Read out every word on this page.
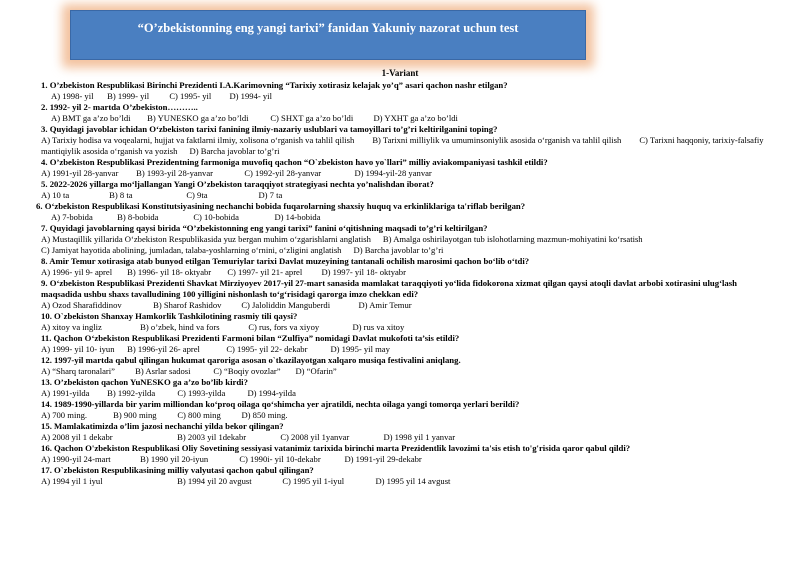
“O’zbekistonning eng yangi tarixi” fanidan Yakuniy nazorat uchun test
1-Variant
1. O’zbekiston Respublikasi Birinchi Prezidenti I.A.Karimovning “Tarixiy xotirasiz kelajak yo’q” asari qachon nashr etilgan?
A) 1998- yil B) 1999- yil C) 1995- yil D) 1994- yil
2. 1992- yil 2- martda O’zbekiston………..
A) BMT ga a’zo bo’ldi B) YUNESKO ga a’zo bo’ldi	C) SHXT ga a’zo bo’ldi D) YXHT ga a’zo bo’ldi
3. Quyidagi javoblar ichidan O‘zbekiston tarixi fanining ilmiy-nazariy uslublari va tamoyillari to’g’ri keltirilganini toping?
A) Tarixiy hodisa va voqealarni, hujjat va faktlarni ilmiy, xolisona o‘rganish va tahlil qilish B) Tarixni milliylik va umuminsoniylik asosida o‘rganish va tahlil qilish C) Tarixni haqqoniy, tarixiy-falsafiy mantiqiylik asosida o‘rganish va yozish D) Barcha javoblar to’g’ri
4. O’zbekiston Respublikasi Prezidentning farmoniga muvofiq qachon “O`zbekiston havo yo`llari” milliy aviakompaniyasi tashkil etildi?
A) 1991-yil 28-yanvar B) 1993-yil 28-yanvar	C) 1992-yil 28-yanvar	D) 1994-yil-28 yanvar
5. 2022-2026 yillarga mo‘ljallangan Yangi O’zbekiston taraqqiyot strategiyasi nechta yo’nalishdan iborat?
A) 10 ta	B) 8 ta	C) 9ta	D) 7 ta
6. O‘zbekiston Respublikasi Konstitutsiyasining nechanchi bobida fuqarolarning shaxsiy huquq va erkinliklariga ta'riflab berilgan?
A) 7-bobida	B) 8-bobida	C) 10-bobida	D) 14-bobida
7. Quyidagi javoblarning qaysi birida “O’zbekistonning eng yangi tarixi” fanini o‘qitishning maqsadi to’g’ri keltirilgan?
A) Mustaqillik yillarida O‘zbekiston Respublikasida yuz bergan muhim o‘zgarishlarni anglatish B) Amalga oshirilayotgan tub islohotlarning mazmun-mohiyatini ko‘rsatish
C) Jamiyat hayotida abolining, jumladan, talaba-yoshlarning o‘rnini, o‘zligini anglatish D) Barcha javoblar to’g’ri
8. Amir Temur xotirasiga atab bunyod etilgan Temuriylar tarixi Davlat muzeyining tantanali ochilish marosimi qachon bo‘lib o‘tdi?
A) 1996- yil 9- aprel B) 1996- yil 18- oktyabr C) 1997- yil 21- aprel D) 1997- yil 18- oktyabr
9. O‘zbekiston Respublikasi Prezidenti Shavkat Mirziyoyev 2017-yil 27-mart sanasida mamlakat taraqqiyoti yo‘lida fidokorona xizmat qilgan qaysi atoqli davlat arbobi xotirasini ulug‘lash maqsadida ushbu shaxs tavalludining 100 yilligini nishonlash to‘g‘risidagi qarorga imzo chekkan edi?
A) Ozod Sharafiddinov	B) Sharof Rashidov C) Jaloliddin Manguberdi	D) Amir Temur
10. O`zbekiston Shanxay Hamkorlik Tashkilotining rasmiy tili qaysi?
A) xitoy va ingliz	B) o’zbek, hind va fors	C) rus, fors va xiyoy	D) rus va xitoy
11. Qachon O‘zbekiston Respublikasi Prezidenti Farmoni bilan “Zulfiya” nomidagi Davlat mukofoti ta’sis etildi?
A) 1999- yil 10- iyun B) 1996-yil 26- aprel	C) 1995- yil 22- dekabr	D) 1995- yil may
12. 1997-yil martda qabul qilingan hukumat qaroriga asosan o`tkazilayotgan xalqaro musiqa festivalini aniqlang.
A) “Sharq taronalari” B) Asrlar sadosi	C) “Boqiy ovozlar” D) “Ofarin”
13. O’zbekiston qachon YuNESKO ga a’zo bo’lib kirdi?
A) 1991-yilda B) 1992-yilda	C) 1993-yilda	D) 1994-yilda
14. 1989-1990-yillarda bir yarim milliondan ko‘proq oilaga qo‘shimcha yer ajratildi, nechta oilaga yangi tomorqa yerlari berildi?
A) 700 ming.	B) 900 ming C) 800 ming D) 850 ming.
15. Mamlakatimizda o’lim jazosi nechanchi yilda bekor qilingan?
A) 2008 yil 1 dekabr	B) 2003 yil 1dekabr	C) 2008 yil 1yanvar	D) 1998 yil 1 yanvar
16. Qachon O'zbekiston Respublikasi Oliy Sovetining sessiyasi vatanimiz tarixida birinchi marta Prezidentlik lavozimi ta'sis etish to'g'risida qaror qabul qildi?
A) 1990-yil 24-mart	B) 1990 yil 20-iyun	C) 1990i- yil 10-dekabr	D) 1991-yil 29-dekabr
17. O`zbekiston Respublikasining milliy valyutasi qachon qabul qilingan?
A) 1994 yil 1 iyul	B) 1994 yil 20 avgust	C) 1995 yil 1-iyul	D) 1995 yil 14 avgust
